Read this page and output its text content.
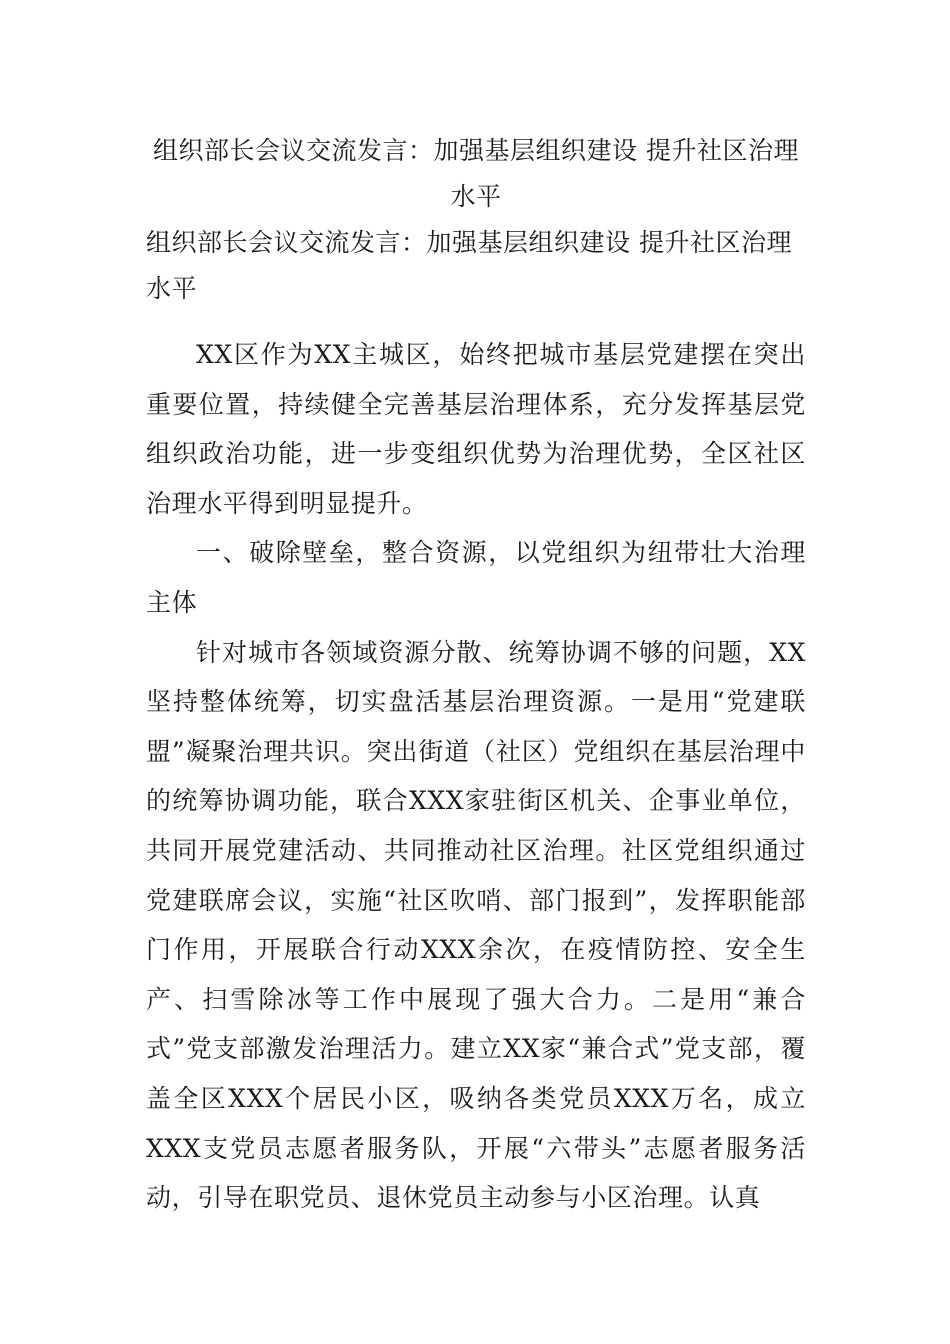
组织部长会议交流发言：加强基层组织建设 提升社区治理水平

组织部长会议交流发言：加强基层组织建设 提升社区治理水平

XX区作为XX主城区，始终把城市基层党建摆在突出重要位置，持续健全完善基层治理体系，充分发挥基层党组织政治功能，进一步变组织优势为治理优势，全区社区治理水平得到明显提升。

一、破除壁垒，整合资源，以党组织为纽带壮大治理主体

针对城市各领域资源分散、统筹协调不够的问题，XX坚持整体统筹，切实盘活基层治理资源。一是用“党建联盟”凝聚治理共识。突出街道（社区）党组织在基层治理中的统筹协调功能，联合XXX家驻街区机关、企事业单位，共同开展党建活动、共同推动社区治理。社区党组织通过党建联席会议，实施“社区吹哨、部门报到”，发挥职能部门作用，开展联合行动XXX余次，在疫情防控、安全生产、扫雪除冰等工作中展现了强大合力。二是用“兼合式”党支部激发治理活力。建立XX家“兼合式”党支部，覆盖全区XXX个居民小区，吸纳各类党员XXX万名，成立XXX支党员志愿者服务队，开展“六带头”志愿者服务活动，引导在职党员、退休党员主动参与小区治理。认真
